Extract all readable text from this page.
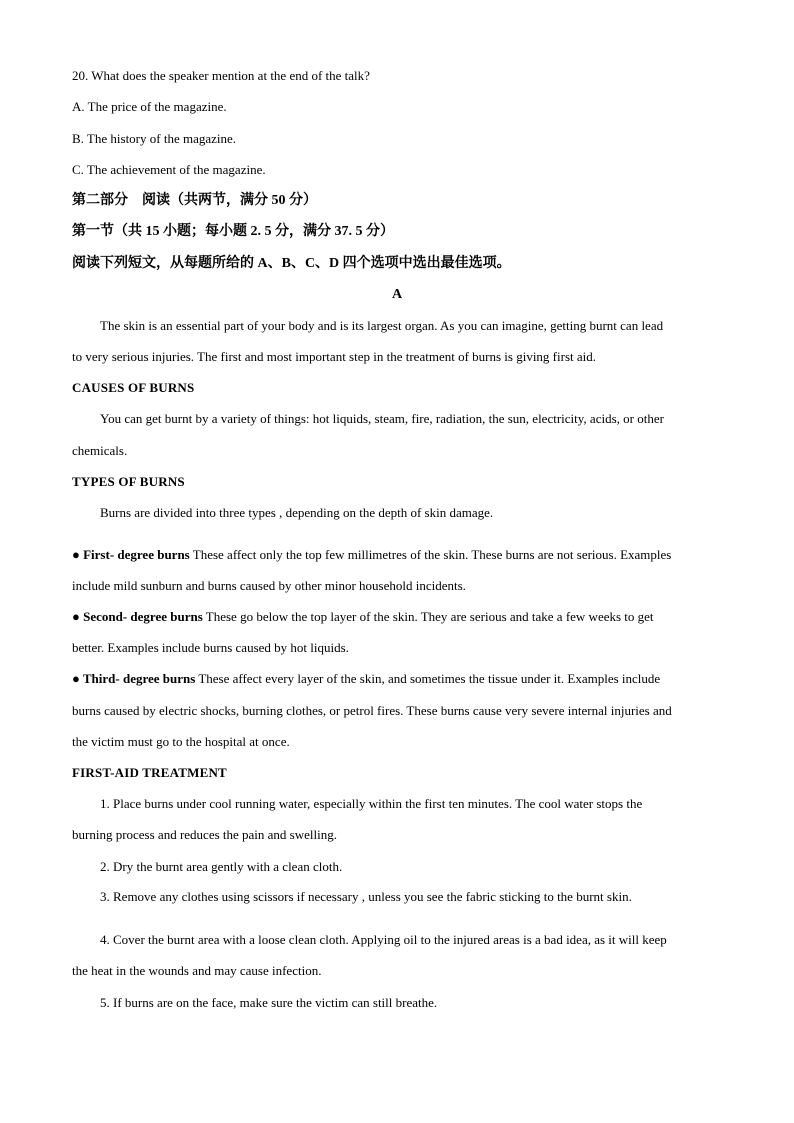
20. What does the speaker mention at the end of the talk?
A. The price of the magazine.
B. The history of the magazine.
C. The achievement of the magazine.
第二部分　阅读（共两节，满分 50 分）
第一节（共 15 小题；每小题 2. 5 分，满分 37. 5 分）
阅读下列短文，从每题所给的 A、B、C、D 四个选项中选出最佳选项。
A
The skin is an essential part of your body and is its largest organ. As you can imagine, getting burnt can lead
to very serious injuries. The first and most important step in the treatment of burns is giving first aid.
CAUSES OF BURNS
You can get burnt by a variety of things: hot liquids, steam, fire, radiation, the sun, electricity, acids, or other
chemicals.
TYPES OF BURNS
Burns are divided into three types , depending on the depth of skin damage.
● First- degree burns These affect only the top few millimetres of the skin. These burns are not serious. Examples
include mild sunburn and burns caused by other minor household incidents.
● Second- degree burns These go below the top layer of the skin. They are serious and take a few weeks to get
better. Examples include burns caused by hot liquids.
● Third- degree burns These affect every layer of the skin, and sometimes the tissue under it. Examples include
burns caused by electric shocks, burning clothes, or petrol fires. These burns cause very severe internal injuries and
the victim must go to the hospital at once.
FIRST-AID TREATMENT
1. Place burns under cool running water, especially within the first ten minutes. The cool water stops the
burning process and reduces the pain and swelling.
2. Dry the burnt area gently with a clean cloth.
3. Remove any clothes using scissors if necessary , unless you see the fabric sticking to the burnt skin.
4. Cover the burnt area with a loose clean cloth. Applying oil to the injured areas is a bad idea, as it will keep
the heat in the wounds and may cause infection.
5. If burns are on the face, make sure the victim can still breathe.
